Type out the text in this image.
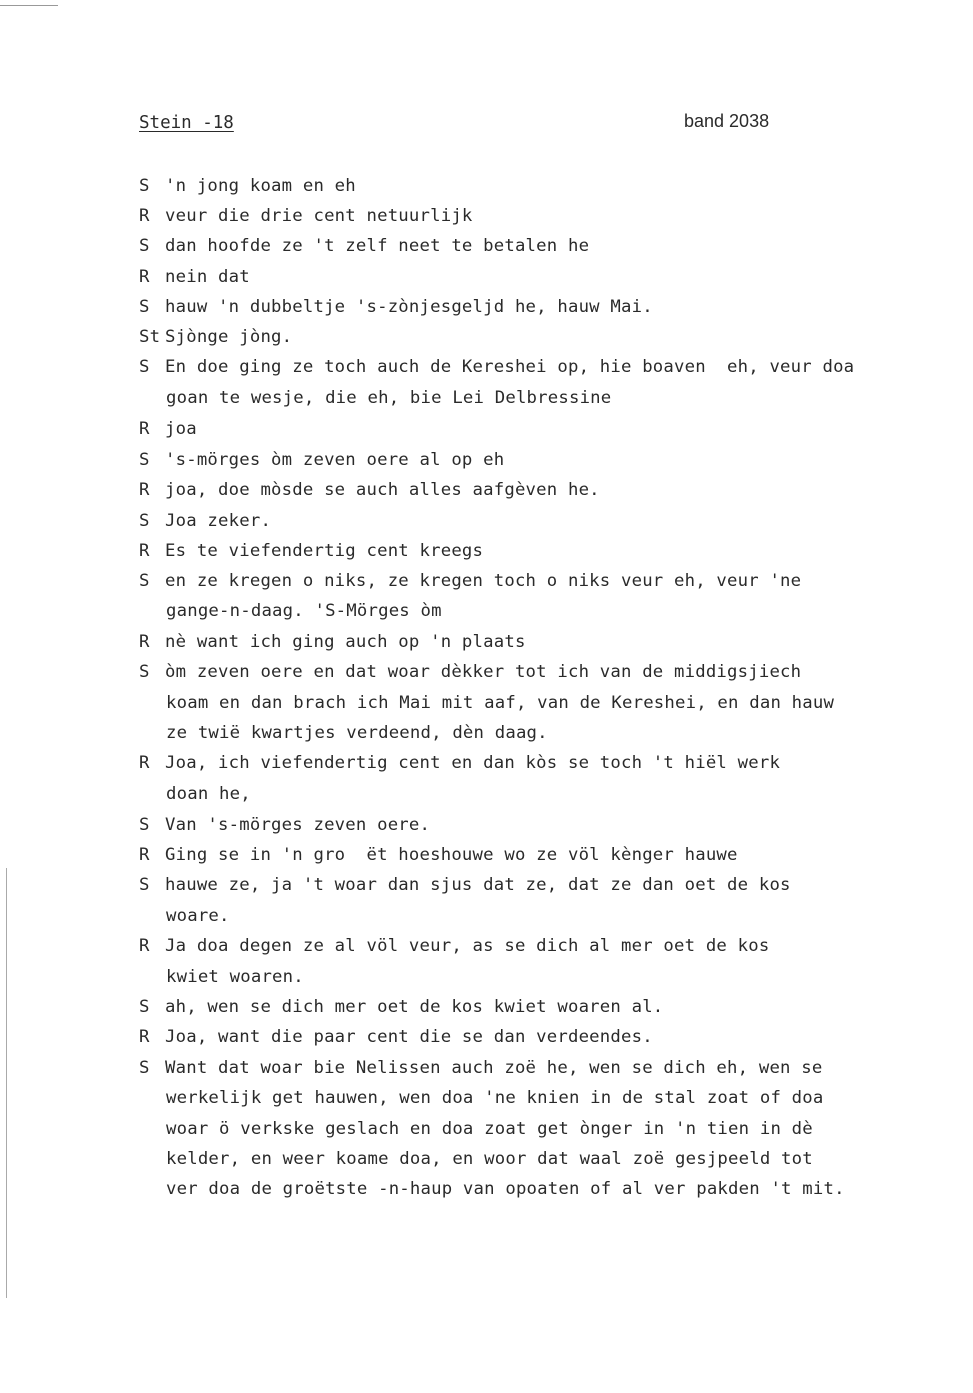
Stein -18	band 2038
S 'n jong koam en eh
R veur die drie cent netuurlijk
S dan hoofde ze 't zelf neet te betalen he
R nein dat
S hauw 'n dubbeltje 's-zònjesgeljd he, hauw Mai.
St Sjònge jòng.
S En doe ging ze toch auch de Kereshei op, hie boaven  eh, veur doa
goan te wesje, die eh, bie Lei Delbressine
R joa
S 's-mörges òm zeven oere al op eh
R joa, doe mòsde se auch alles aafgèven he.
S Joa zeker.
R Es te viefendertig cent kreegs
S en ze kregen o niks, ze kregen toch o niks veur eh, veur 'ne
gange-n-daag. 'S-Mörges òm
R nè want ich ging auch op 'n plaats
S òm zeven oere en dat woar dèkker tot ich van de middigsjiech
koam en dan brach ich Mai mit aaf, van de Kereshei, en dan hauw
ze twië kwartjes verdeend, dèn daag.
R Joa, ich viefendertig cent en dan kòs se toch 't hiël werk
doan he,
S Van 's-mörges zeven oere.
R Ging se in 'n gro  ët hoeshouwe wo ze völ kènger hauwe
S hauwe ze, ja 't woar dan sjus dat ze, dat ze dan oet de kos
woare.
R Ja doa degen ze al völ veur, as se dich al mer oet de kos
kwiet woaren.
S ah, wen se dich mer oet de kos kwiet woaren al.
R Joa, want die paar cent die se dan verdeendes.
S Want dat woar bie Nelissen auch zoë he, wen se dich eh, wen se
werkelijk get hauwen, wen doa 'ne knien in de stal zoat of doa
woar ö verkske geslach en doa zoat get ònger in 'n tien in dè
kelder, en weer koame doa, en woor dat waal zoë gesjpeeld tot
ver doa de groëtste -n-haup van opoaten of al ver pakden 't mit.
